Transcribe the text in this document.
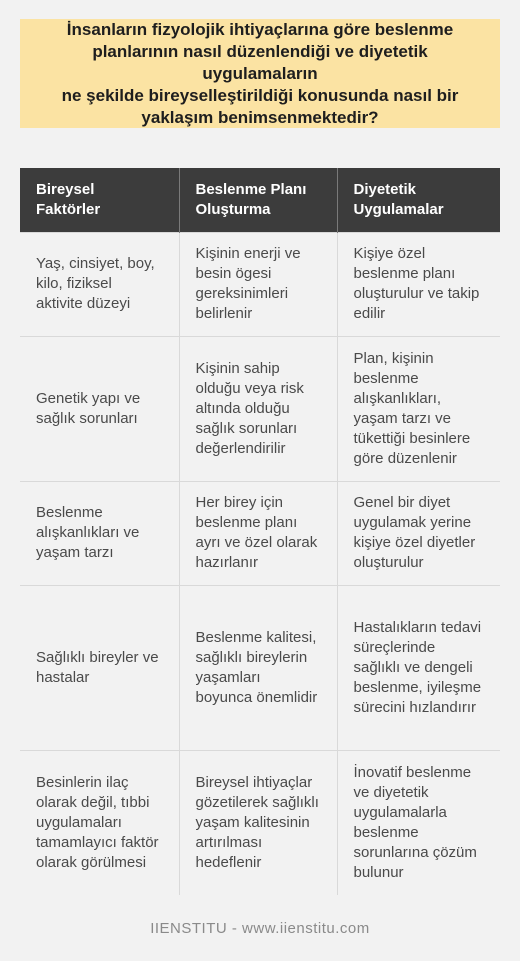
İnsanların fizyolojik ihtiyaçlarına göre beslenme
planlarının nasıl düzenlendiği ve diyetetik uygulamaların
ne şekilde bireyselleştirildiği konusunda nasıl bir
yaklaşım benimsenmektedir?
Bireysel Faktörler	Beslenme Planı Oluşturma	Diyetetik Uygulamalar
Yaş, cinsiyet, boy, kilo, fiziksel aktivite düzeyi	Kişinin enerji ve besin ögesi gereksinimleri belirlenir	Kişiye özel beslenme planı oluşturulur ve takip edilir
Genetik yapı ve sağlık sorunları	Kişinin sahip olduğu veya risk altında olduğu sağlık sorunları değerlendirilir	Plan, kişinin beslenme alışkanlıkları, yaşam tarzı ve tükettiği besinlere göre düzenlenir
Beslenme alışkanlıkları ve yaşam tarzı	Her birey için beslenme planı ayrı ve özel olarak hazırlanır	Genel bir diyet uygulamak yerine kişiye özel diyetler oluşturulur
Sağlıklı bireyler ve hastalar	Beslenme kalitesi, sağlıklı bireylerin yaşamları boyunca önemlidir	Hastalıkların tedavi süreçlerinde sağlıklı ve dengeli beslenme, iyileşme sürecini hızlandırır
Besinlerin ilaç olarak değil, tıbbi uygulamaları tamamlayıcı faktör olarak görülmesi	Bireysel ihtiyaçlar gözetilerek sağlıklı yaşam kalitesinin artırılması hedeflenir	İnovatif beslenme ve diyetetik uygulamalarla beslenme sorunlarına çözüm bulunur
IIENSTITU - www.iienstitu.com
